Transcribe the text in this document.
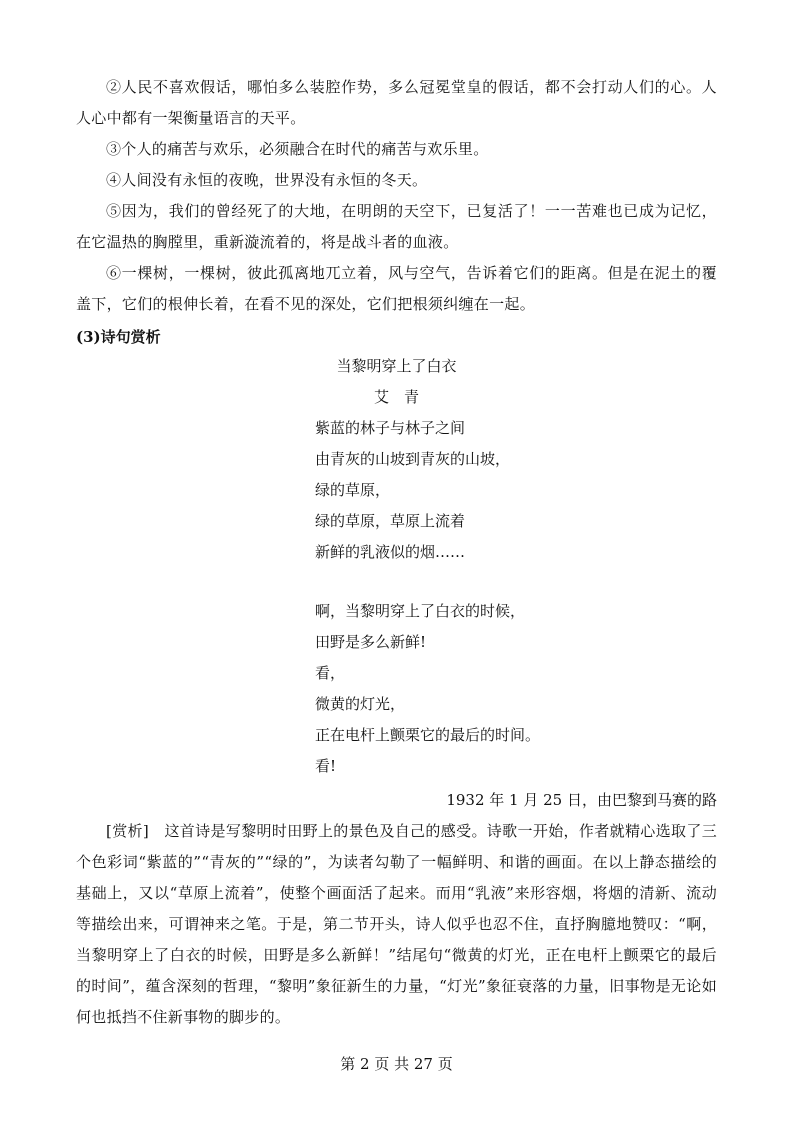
②人民不喜欢假话，哪怕多么装腔作势，多么冠冕堂皇的假话，都不会打动人们的心。人人心中都有一架衡量语言的天平。

③个人的痛苦与欢乐，必须融合在时代的痛苦与欢乐里。

④人间没有永恒的夜晚，世界没有永恒的冬天。

⑤因为，我们的曾经死了的大地，在明朗的天空下，已复活了！一一苦难也已成为记忆，在它温热的胸膛里，重新漩流着的，将是战斗者的血液。

⑥一棵树，一棵树，彼此孤离地兀立着，风与空气，告诉着它们的距离。但是在泥土的覆盖下，它们的根伸长着，在看不见的深处，它们把根须纠缠在一起。

(3)诗句赏析

当黎明穿上了白衣

艾　青

紫蓝的林子与林子之间

由青灰的山坡到青灰的山坡，

绿的草原，

绿的草原，草原上流着

新鲜的乳液似的烟……

啊，当黎明穿上了白衣的时候，

田野是多么新鲜!

看，

微黄的灯光，

正在电杆上颤栗它的最后的时间。

看!

1932 年 1 月 25 日，由巴黎到马赛的路

[赏析]　这首诗是写黎明时田野上的景色及自己的感受。诗歌一开始，作者就精心选取了三个色彩词“紫蓝的”“青灰的”“绿的”，为读者勾勒了一幅鲜明、和谐的画面。在以上静态描绘的基础上，又以“草原上流着”，使整个画面活了起来。而用“乳液”来形容烟，将烟的清新、流动等描绘出来，可谓神来之笔。于是，第二节开头，诗人似乎也忍不住，直抒胸臆地赞叹：“啊，当黎明穿上了白衣的时候，田野是多么新鲜！”结尾句“微黄的灯光，正在电杆上颤栗它的最后的时间”，蕴含深刻的哲理，“黎明”象征新生的力量，“灯光”象征衰落的力量，旧事物是无论如何也抵挡不住新事物的脚步的。

第 2 页 共 27 页
